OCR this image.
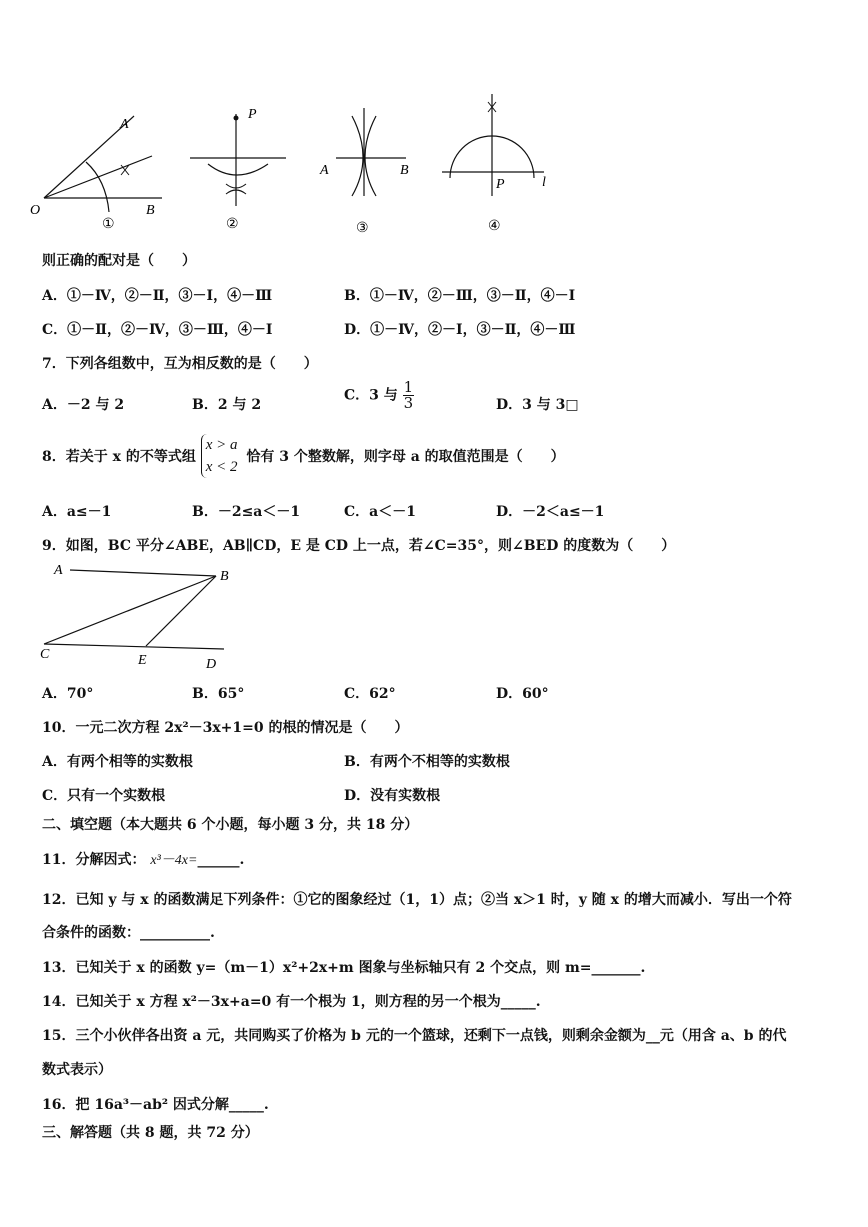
A
O	B
①
P
②
A	B
③
P	l
④
则正确的配对是（　　）
A．①－Ⅳ，②－Ⅱ，③－Ⅰ，④－Ⅲ	B．①－Ⅳ，②－Ⅲ，③－Ⅱ，④－Ⅰ
C．①－Ⅱ，②－Ⅳ，③－Ⅲ，④－Ⅰ	D．①－Ⅳ，②－Ⅰ，③－Ⅱ，④－Ⅲ
7．下列各组数中，互为相反数的是（　　）
A．－2 与 2	B．2 与 2
C．3 与 $\frac{1}{3}$	D．3 与 3□
8．若关于 x 的不等式组
x > a
x < 2
恰有 3 个整数解，则字母 a 的取值范围是（　　）
A．a≤－1	B．－2≤a＜－1	C．a＜－1	D．－2＜a≤－1
9．如图，BC 平分∠ABE，AB∥CD，E 是 CD 上一点，若∠C=35°，则∠BED 的度数为（　　）
A	B
C	E	D
A．70°	B．65°	C．62°	D．60°
10．一元二次方程 2x²－3x+1=0 的根的情况是（　　）
A．有两个相等的实数根	B．有两个不相等的实数根
C．只有一个实数根	D．没有实数根
二、填空题（本大题共 6 个小题，每小题 3 分，共 18 分）
11．分解因式： x³－4x=______.
12．已知 y 与 x 的函数满足下列条件：①它的图象经过（1，1）点；②当 x＞1 时，y 随 x 的增大而减小．写出一个符
合条件的函数：__________.
13．已知关于 x 的函数 y=（m－1）x²+2x+m 图象与坐标轴只有 2 个交点，则 m=_______.
14．已知关于 x 方程 x²－3x+a=0 有一个根为 1，则方程的另一个根为_____.
15．三个小伙伴各出资 a 元，共同购买了价格为 b 元的一个篮球，还剩下一点钱，则剩余金额为__元（用含 a、b 的代
数式表示）
16．把 16a³－ab² 因式分解_____.
三、解答题（共 8 题，共 72 分）
